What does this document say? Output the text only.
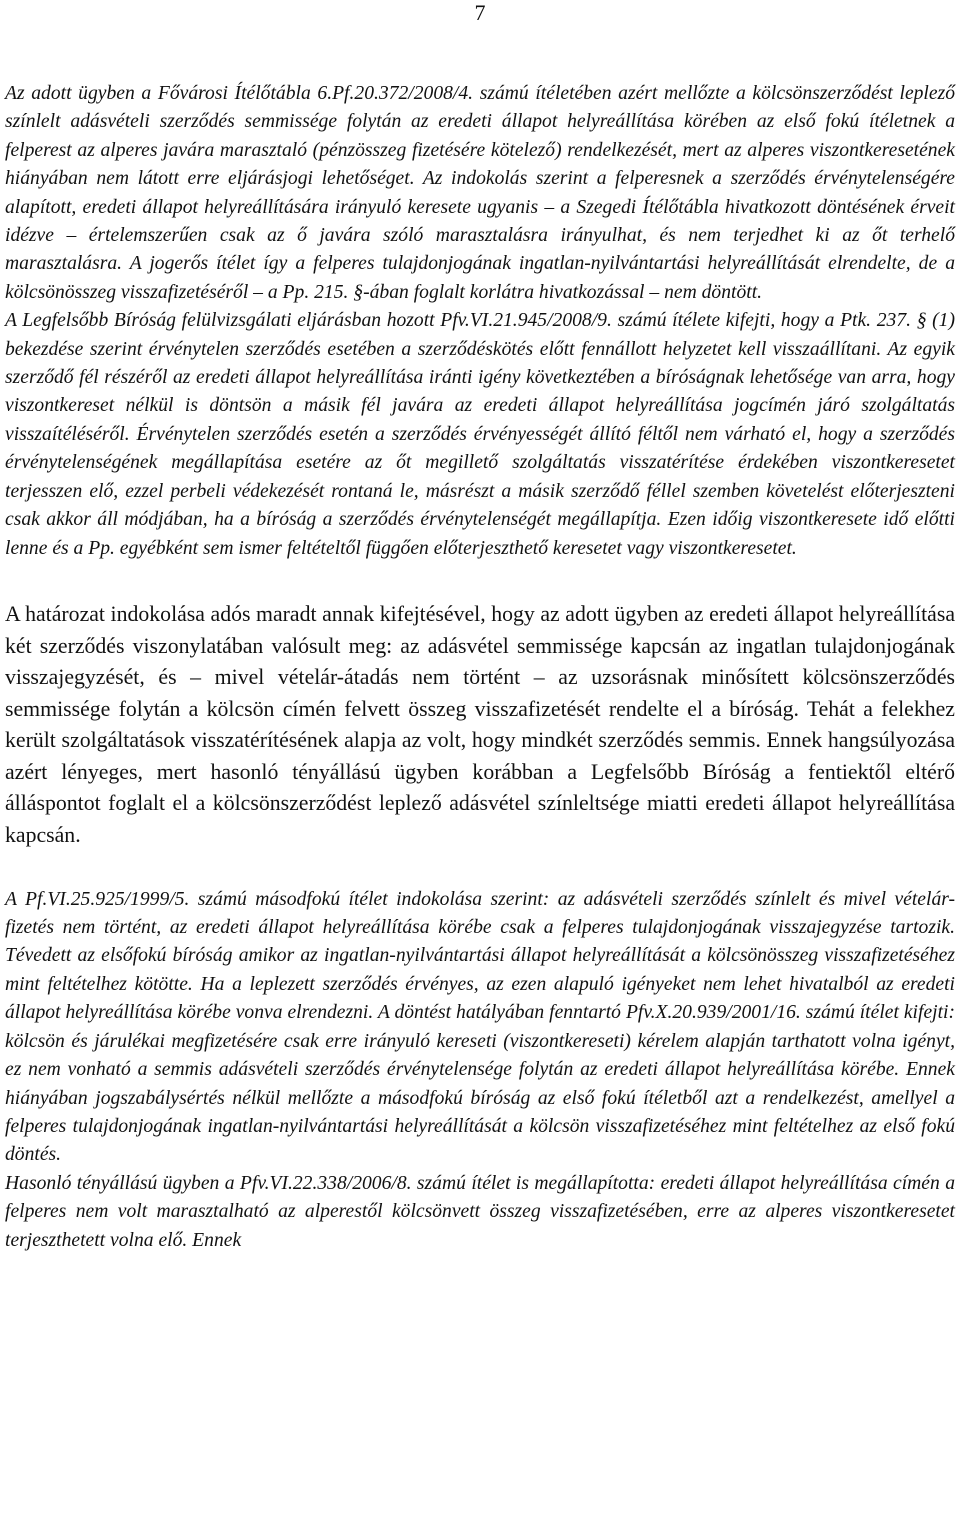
7

Az adott ügyben a Fővárosi Ítélőtábla 6.Pf.20.372/2008/4. számú ítéletében azért mellőzte a kölcsönszerződést leplező színlelt adásvételi szerződés semmissége folytán az eredeti állapot helyreállítása körében az első fokú ítéletnek a felperest az alperes javára marasztaló (pénzösszeg fizetésére kötelező) rendelkezését, mert az alperes viszontkeresetének hiányában nem látott erre eljárásjogi lehetőséget. Az indokolás szerint a felperesnek a szerződés érvénytelenségére alapított, eredeti állapot helyreállítására irányuló keresete ugyanis – a Szegedi Ítélőtábla hivatkozott döntésének érveit idézve – értelemszerűen csak az ő javára szóló marasztalásra irányulhat, és nem terjedhet ki az őt terhelő marasztalásra. A jogerős ítélet így a felperes tulajdonjogának ingatlan-nyilvántartási helyreállítását elrendelte, de a kölcsönösszeg visszafizetéséről – a Pp. 215. §-ában foglalt korlátra hivatkozással – nem döntött.

A Legfelsőbb Bíróság felülvizsgálati eljárásban hozott Pfv.VI.21.945/2008/9. számú ítélete kifejti, hogy a Ptk. 237. § (1) bekezdése szerint érvénytelen szerződés esetében a szerződéskötés előtt fennállott helyzetet kell visszaállítani. Az egyik szerződő fél részéről az eredeti állapot helyreállítása iránti igény következtében a bíróságnak lehetősége van arra, hogy viszontkereset nélkül is döntsön a másik fél javára az eredeti állapot helyreállítása jogcímén járó szolgáltatás visszaítéléséről. Érvénytelen szerződés esetén a szerződés érvényességét állító féltől nem várható el, hogy a szerződés érvénytelenségének megállapítása esetére az őt megillető szolgáltatás visszatérítése érdekében viszontkeresetet terjesszen elő, ezzel perbeli védekezését rontaná le, másrészt a másik szerződő féllel szemben követelést előterjeszteni csak akkor áll módjában, ha a bíróság a szerződés érvénytelenségét megállapítja. Ezen időig viszontkeresete idő előtti lenne és a Pp. egyébként sem ismer feltételtől függően előterjeszthető keresetet vagy viszontkeresetet.

A határozat indokolása adós maradt annak kifejtésével, hogy az adott ügyben az eredeti állapot helyreállítása két szerződés viszonylatában valósult meg: az adásvétel semmissége kapcsán az ingatlan tulajdonjogának visszajegyzését, és – mivel vételár-átadás nem történt – az uzsorásnak minősített kölcsönszerződés semmissége folytán a kölcsön címén felvett összeg visszafizetését rendelte el a bíróság. Tehát a felekhez került szolgáltatások visszatérítésének alapja az volt, hogy mindkét szerződés semmis. Ennek hangsúlyozása azért lényeges, mert hasonló tényállású ügyben korábban a Legfelsőbb Bíróság a fentiektől eltérő álláspontot foglalt el a kölcsönszerződést leplező adásvétel színleltsége miatti eredeti állapot helyreállítása kapcsán.

A Pf.VI.25.925/1999/5. számú másodfokú ítélet indokolása szerint: az adásvételi szerződés színlelt és mivel vételár-fizetés nem történt, az eredeti állapot helyreállítása körébe csak a felperes tulajdonjogának visszajegyzése tartozik. Tévedett az elsőfokú bíróság amikor az ingatlan-nyilvántartási állapot helyreállítását a kölcsönösszeg visszafizetéséhez mint feltételhez kötötte. Ha a leplezett szerződés érvényes, az ezen alapuló igényeket nem lehet hivatalból az eredeti állapot helyreállítása körébe vonva elrendezni. A döntést hatályában fenntartó Pfv.X.20.939/2001/16. számú ítélet kifejti: kölcsön és járulékai megfizetésére csak erre irányuló kereseti (viszontkereseti) kérelem alapján tarthatott volna igényt, ez nem vonható a semmis adásvételi szerződés érvénytelensége folytán az eredeti állapot helyreállítása körébe. Ennek hiányában jogszabálysértés nélkül mellőzte a másodfokú bíróság az első fokú ítéletből azt a rendelkezést, amellyel a felperes tulajdonjogának ingatlan-nyilvántartási helyreállítását a kölcsön visszafizetéséhez mint feltételhez az első fokú döntés.

Hasonló tényállású ügyben a Pfv.VI.22.338/2006/8. számú ítélet is megállapította: eredeti állapot helyreállítása címén a felperes nem volt marasztalható az alperestől kölcsönvett összeg visszafizetésében, erre az alperes viszontkeresetet terjeszthetett volna elő. Ennek
